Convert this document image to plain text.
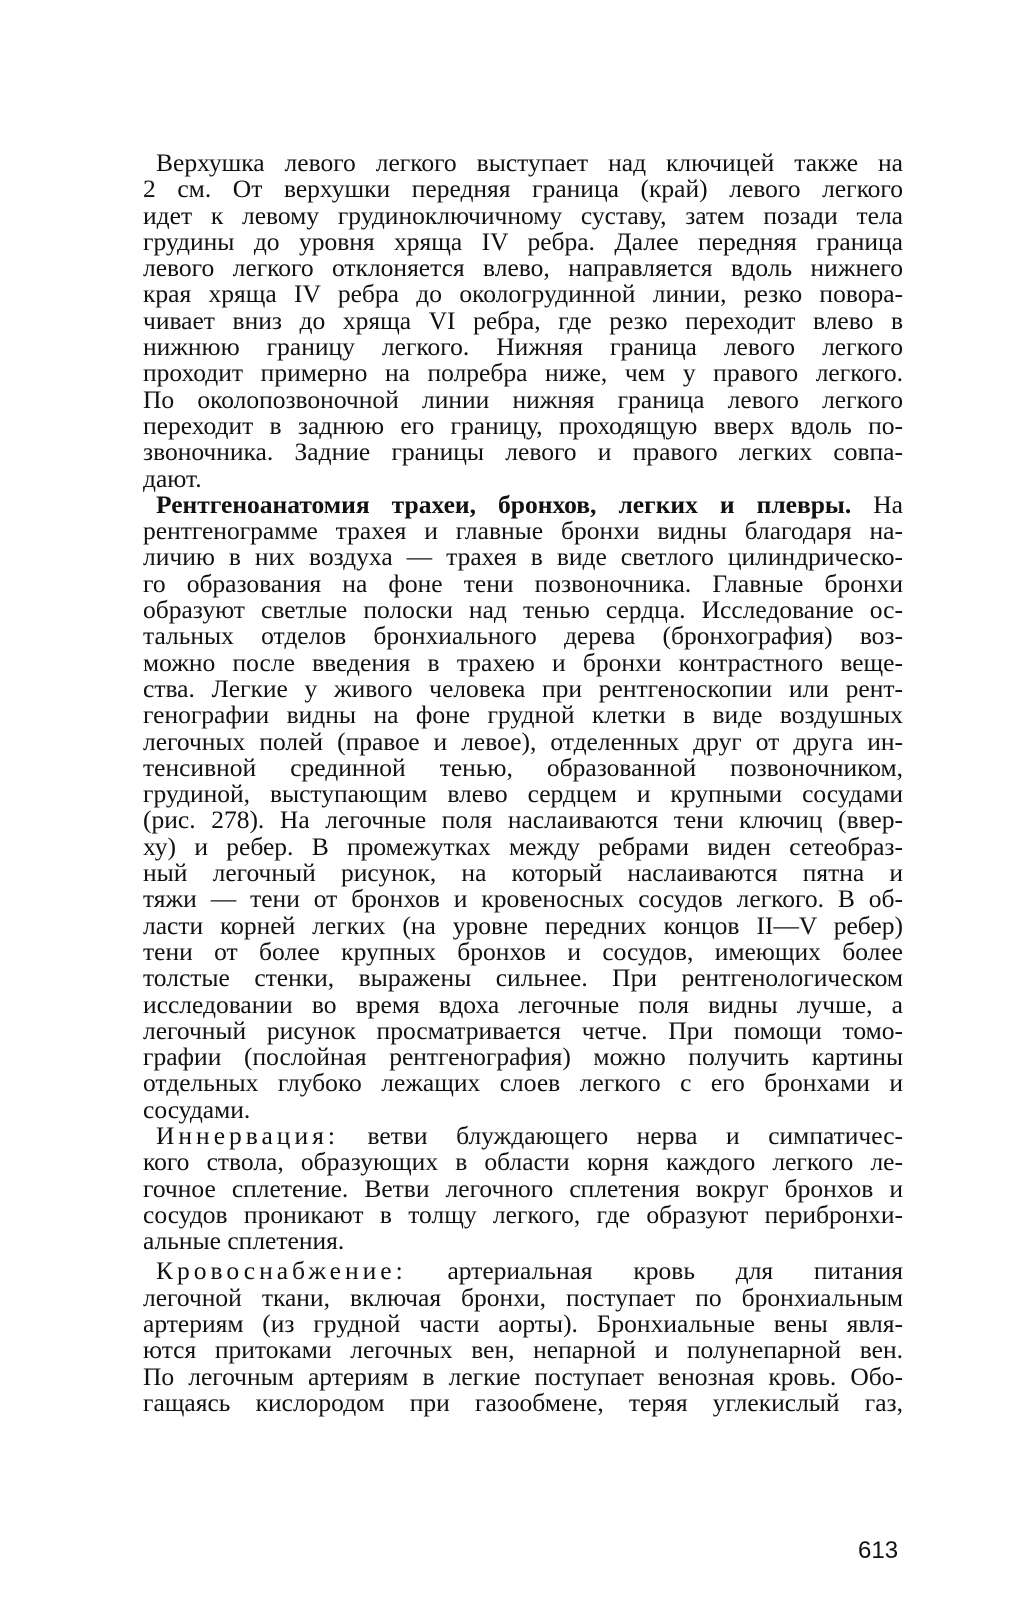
Верхушка левого легкого выступает над ключицей также на
2 см. От верхушки передняя граница (край) левого легкого
идет к левому грудиноключичному суставу, затем позади тела
грудины до уровня хряща IV ребра. Далее передняя граница
левого легкого отклоняется влево, направляется вдоль нижнего
края хряща IV ребра до окологрудинной линии, резко повора-
чивает вниз до хряща VI ребра, где резко переходит влево в
нижнюю границу легкого. Нижняя граница левого легкого
проходит примерно на полребра ниже, чем у правого легкого.
По околопозвоночной линии нижняя граница левого легкого
переходит в заднюю его границу, проходящую вверх вдоль по-
звоночника. Задние границы левого и правого легких совпа-
дают.
Рентгеноанатомия трахеи, бронхов, легких и плевры. На
рентгенограмме трахея и главные бронхи видны благодаря на-
личию в них воздуха — трахея в виде светлого цилиндрическо-
го образования на фоне тени позвоночника. Главные бронхи
образуют светлые полоски над тенью сердца. Исследование ос-
тальных отделов бронхиального дерева (бронхография) воз-
можно после введения в трахею и бронхи контрастного веще-
ства. Легкие у живого человека при рентгеноскопии или рент-
генографии видны на фоне грудной клетки в виде воздушных
легочных полей (правое и левое), отделенных друг от друга ин-
тенсивной срединной тенью, образованной позвоночником,
грудиной, выступающим влево сердцем и крупными сосудами
(рис. 278). На легочные поля наслаиваются тени ключиц (ввер-
ху) и ребер. В промежутках между ребрами виден сетеобраз-
ный легочный рисунок, на который наслаиваются пятна и
тяжи — тени от бронхов и кровеносных сосудов легкого. В об-
ласти корней легких (на уровне передних концов II—V ребер)
тени от более крупных бронхов и сосудов, имеющих более
толстые стенки, выражены сильнее. При рентгенологическом
исследовании во время вдоха легочные поля видны лучше, а
легочный рисунок просматривается четче. При помощи томо-
графии (послойная рентгенография) можно получить картины
отдельных глубоко лежащих слоев легкого с его бронхами и
сосудами.
Иннервация: ветви блуждающего нерва и симпатичес-
кого ствола, образующих в области корня каждого легкого ле-
гочное сплетение. Ветви легочного сплетения вокруг бронхов и
сосудов проникают в толщу легкого, где образуют перибронхи-
альные сплетения.
Кровоснабжение: артериальная кровь для питания
легочной ткани, включая бронхи, поступает по бронхиальным
артериям (из грудной части аорты). Бронхиальные вены явля-
ются притоками легочных вен, непарной и полунепарной вен.
По легочным артериям в легкие поступает венозная кровь. Обо-
гащаясь кислородом при газообмене, теряя углекислый газ,
613
